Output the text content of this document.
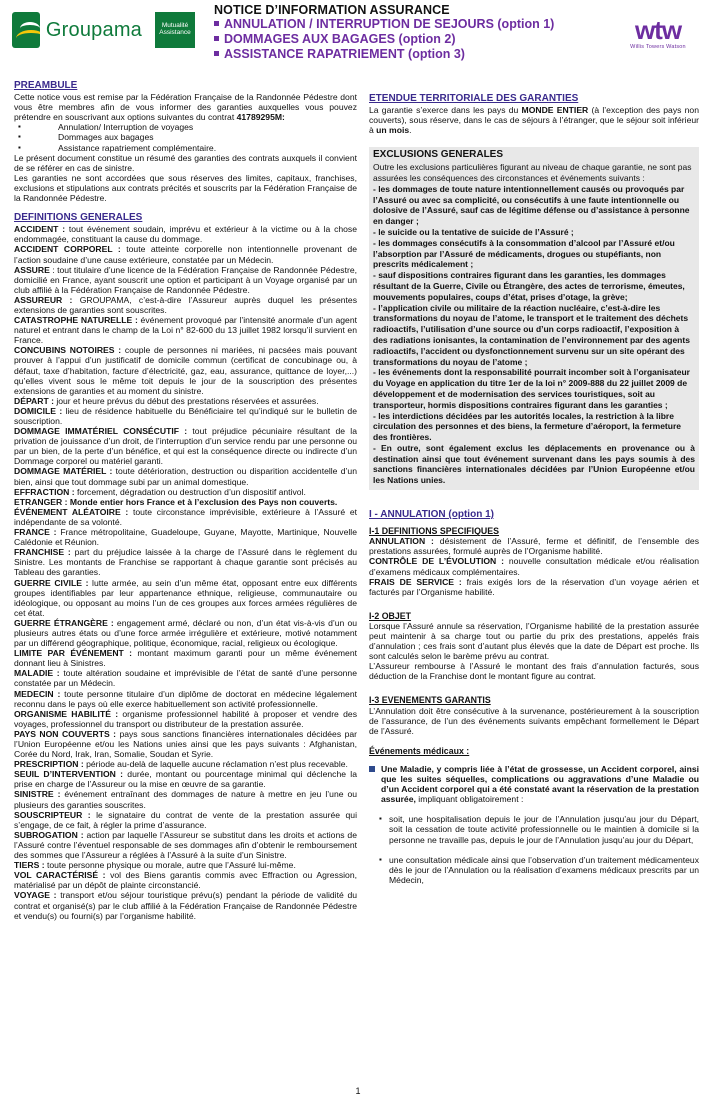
Groupama	Mutualité
Assistance
NOTICE D’INFORMATION ASSURANCE
ANNULATION / INTERRUPTION DE SEJOURS (option 1)
DOMMAGES AUX BAGAGES (option 2)
ASSISTANCE RAPATRIEMENT (option 3)
wtw
Willis Towers Watson
PREAMBULE

Cette notice vous est remise par la Fédération Française de la Randonnée Pédestre dont vous être membres afin de vous informer des garanties auxquelles vous pouvez prétendre en souscrivant aux options suivantes du contrat 41789295M:

▪ Annulation/ Interruption de voyages
▪ Dommages aux bagages
▪ Assistance rapatriement complémentaire.

Le présent document constitue un résumé des garanties des contrats auxquels il convient de se référer en cas de sinistre.

Les garanties ne sont accordées que sous réserves des limites, capitaux, franchises, exclusions et stipulations aux contrats précités et souscrits par la Fédération Française de la Randonnée Pédestre.

DEFINITIONS GENERALES

ACCIDENT : tout événement soudain, imprévu et extérieur à la victime ou à la chose endommagée, constituant la cause du dommage.

ACCIDENT CORPOREL : toute atteinte corporelle non intentionnelle provenant de l’action soudaine d’une cause extérieure, constatée par un Médecin.

ASSURE : tout titulaire d’une licence de la Fédération Française de Randonnée Pédestre, domicilié en France, ayant souscrit une option et participant à un Voyage organisé par un club affilié à la Fédération Française de Randonnée Pédestre.

ASSUREUR : GROUPAMA, c’est-à-dire l’Assureur auprès duquel les présentes extensions de garanties sont souscrites.

CATASTROPHE NATURELLE : événement provoqué par l’intensité anormale d’un agent naturel et entrant dans le champ de la Loi n° 82-600 du 13 juillet 1982 lorsqu’il survient en France.

CONCUBINS NOTOIRES : couple de personnes ni mariées, ni pacsées mais pouvant prouver à l’appui d’un justificatif de domicile commun (certificat de concubinage ou, à défaut, taxe d’habitation, facture d’électricité, gaz, eau, assurance, quittance de loyer,...) qu’elles vivent sous le même toit depuis le jour de la souscription des présentes extensions de garanties et au moment du sinistre.

DÉPART : jour et heure prévus du début des prestations réservées et assurées.

DOMICILE : lieu de résidence habituelle du Bénéficiaire tel qu’indiqué sur le bulletin de souscription.

DOMMAGE IMMATÉRIEL CONSÉCUTIF : tout préjudice pécuniaire résultant de la privation de jouissance d’un droit, de l’interruption d’un service rendu par une personne ou par un bien, de la perte d’un bénéfice, et qui est la conséquence directe ou indirecte d’un Dommage corporel ou matériel garanti.

DOMMAGE MATÉRIEL : toute détérioration, destruction ou disparition accidentelle d’un bien, ainsi que tout dommage subi par un animal domestique.

EFFRACTION : forcement, dégradation ou destruction d’un dispositif antivol.

ETRANGER : Monde entier hors France et à l’exclusion des Pays non couverts.

ÉVÉNEMENT ALÉATOIRE : toute circonstance imprévisible, extérieure à l’Assuré et indépendante de sa volonté.

FRANCE : France métropolitaine, Guadeloupe, Guyane, Mayotte, Martinique, Nouvelle Calédonie et Réunion.

FRANCHISE : part du préjudice laissée à la charge de l’Assuré dans le règlement du Sinistre. Les montants de Franchise se rapportant à chaque garantie sont précisés au Tableau des garanties.

GUERRE CIVILE : lutte armée, au sein d’un même état, opposant entre eux différents groupes identifiables par leur appartenance ethnique, religieuse, communautaire ou idéologique, ou opposant au moins l’un de ces groupes aux forces armées régulières de cet état.

GUERRE ÉTRANGÈRE : engagement armé, déclaré ou non, d’un état vis-à-vis d’un ou plusieurs autres états ou d’une force armée irrégulière et extérieure, motivé notamment par un différend géographique, politique, économique, racial, religieux ou écologique.

LIMITE PAR ÉVÉNEMENT : montant maximum garanti pour un même événement donnant lieu à Sinistres.

MALADIE : toute altération soudaine et imprévisible de l’état de santé d’une personne constatée par un Médecin.

MEDECIN : toute personne titulaire d’un diplôme de doctorat en médecine légalement reconnu dans le pays où elle exerce habituellement son activité professionnelle.

ORGANISME HABILITÉ : organisme professionnel habilité à proposer et vendre des voyages, professionnel du transport ou distributeur de la prestation assurée.

PAYS NON COUVERTS : pays sous sanctions financières internationales décidées par l’Union Européenne et/ou les Nations unies ainsi que les pays suivants : Afghanistan, Corée du Nord, Irak, Iran, Somalie, Soudan et Syrie.

PRESCRIPTION : période au-delà de laquelle aucune réclamation n’est plus recevable.

SEUIL D’INTERVENTION : durée, montant ou pourcentage minimal qui déclenche la prise en charge de l’Assureur ou la mise en œuvre de sa garantie.

SINISTRE : événement entraînant des dommages de nature à mettre en jeu l’une ou plusieurs des garanties souscrites.

SOUSCRIPTEUR : le signataire du contrat de vente de la prestation assurée qui s’engage, de ce fait, à régler la prime d’assurance.

SUBROGATION : action par laquelle l’Assureur se substitut dans les droits et actions de l’Assuré contre l’éventuel responsable de ses dommages afin d’obtenir le remboursement des sommes que l’Assureur a réglées à l’Assuré à la suite d’un Sinistre.

TIERS : toute personne physique ou morale, autre que l’Assuré lui-même.

VOL CARACTÉRISÉ : vol des Biens garantis commis avec Effraction ou Agression, matérialisé par un dépôt de plainte circonstancié.

VOYAGE : transport et/ou séjour touristique prévu(s) pendant la période de validité du contrat et organisé(s) par le club affilié à la Fédération Française de Randonnée Pédestre et vendu(s) ou fourni(s) par l’organisme habilité.

ETENDUE TERRITORIALE DES GARANTIES

La garantie s’exerce dans les pays du MONDE ENTIER (à l’exception des pays non couverts), sous réserve, dans le cas de séjours à l’étranger, que le séjour soit inférieur à un mois.

EXCLUSIONS GENERALES

Outre les exclusions particulières figurant au niveau de chaque garantie, ne sont pas assurées les conséquences des circonstances et événements suivants :

- les dommages de toute nature intentionnellement causés ou provoqués par l’Assuré ou avec sa complicité, ou consécutifs à une faute intentionnelle ou dolosive de l’Assuré, sauf cas de légitime défense ou d’assistance à personne en danger ;

- le suicide ou la tentative de suicide de l’Assuré ;

- les dommages consécutifs à la consommation d’alcool par l’Assuré et/ou l’absorption par l’Assuré de médicaments, drogues ou stupéfiants, non prescrits médicalement ;

- sauf dispositions contraires figurant dans les garanties, les dommages résultant de la Guerre, Civile ou Étrangère, des actes de terrorisme, émeutes, mouvements populaires, coups d’état, prises d’otage, la grève;

- l’application civile ou militaire de la réaction nucléaire, c’est-à-dire les transformations du noyau de l’atome, le transport et le traitement des déchets radioactifs, l’utilisation d’une source ou d’un corps radioactif, l’exposition à des radiations ionisantes, la contamination de l’environnement par des agents radioactifs, l’accident ou dysfonctionnement survenu sur un site opérant des transformations du noyau de l’atome ;

- les événements dont la responsabilité pourrait incomber soit à l’organisateur du Voyage en application du titre 1er de la loi n° 2009-888 du 22 juillet 2009 de développement et de modernisation des services touristiques, soit au transporteur, hormis dispositions contraires figurant dans les garanties ;

- les interdictions décidées par les autorités locales, la restriction à la libre circulation des personnes et des biens, la fermeture d’aéroport, la fermeture des frontières.

- En outre, sont également exclus les déplacements en provenance ou à destination ainsi que tout événement survenant dans les pays soumis à des sanctions financières internationales décidées par l’Union Européenne et/ou les Nations unies.

I - ANNULATION (option 1)
I-1 DEFINITIONS SPECIFIQUES

ANNULATION : désistement de l’Assuré, ferme et définitif, de l’ensemble des prestations assurées, formulé auprès de l’Organisme habilité.

CONTRÔLE DE L’ÉVOLUTION : nouvelle consultation médicale et/ou réalisation d’examens médicaux complémentaires.

FRAIS DE SERVICE : frais exigés lors de la réservation d’un voyage aérien et facturés par l’Organisme habilité.

I-2 OBJET

Lorsque l’Assuré annule sa réservation, l’Organisme habilité de la prestation assurée peut maintenir à sa charge tout ou partie du prix des prestations, appelés frais d’annulation ; ces frais sont d’autant plus élevés que la date de Départ est proche. Ils sont calculés selon le barème prévu au contrat.

L’Assureur rembourse à l’Assuré le montant des frais d’annulation facturés, sous déduction de la Franchise dont le montant figure au contrat.

I-3 EVENEMENTS GARANTIS

L’Annulation doit être consécutive à la survenance, postérieurement à la souscription de l’assurance, de l’un des événements suivants empêchant formellement le Départ de l’Assuré.

Événements médicaux :
Une Maladie, y compris liée à l’état de grossesse, un Accident corporel, ainsi que les suites séquelles, complications ou aggravations d’une Maladie ou d’un Accident corporel qui a été constaté avant la réservation de la prestation assurée, impliquant obligatoirement :
▪ soit, une hospitalisation depuis le jour de l’Annulation jusqu’au jour du Départ, soit la cessation de toute activité professionnelle ou le maintien à domicile si la personne ne travaille pas, depuis le jour de l’Annulation jusqu’au jour du Départ,
▪ une consultation médicale ainsi que l’observation d’un traitement médicamenteux dès le jour de l’Annulation ou la réalisation d’examens médicaux prescrits par un Médecin,
1
